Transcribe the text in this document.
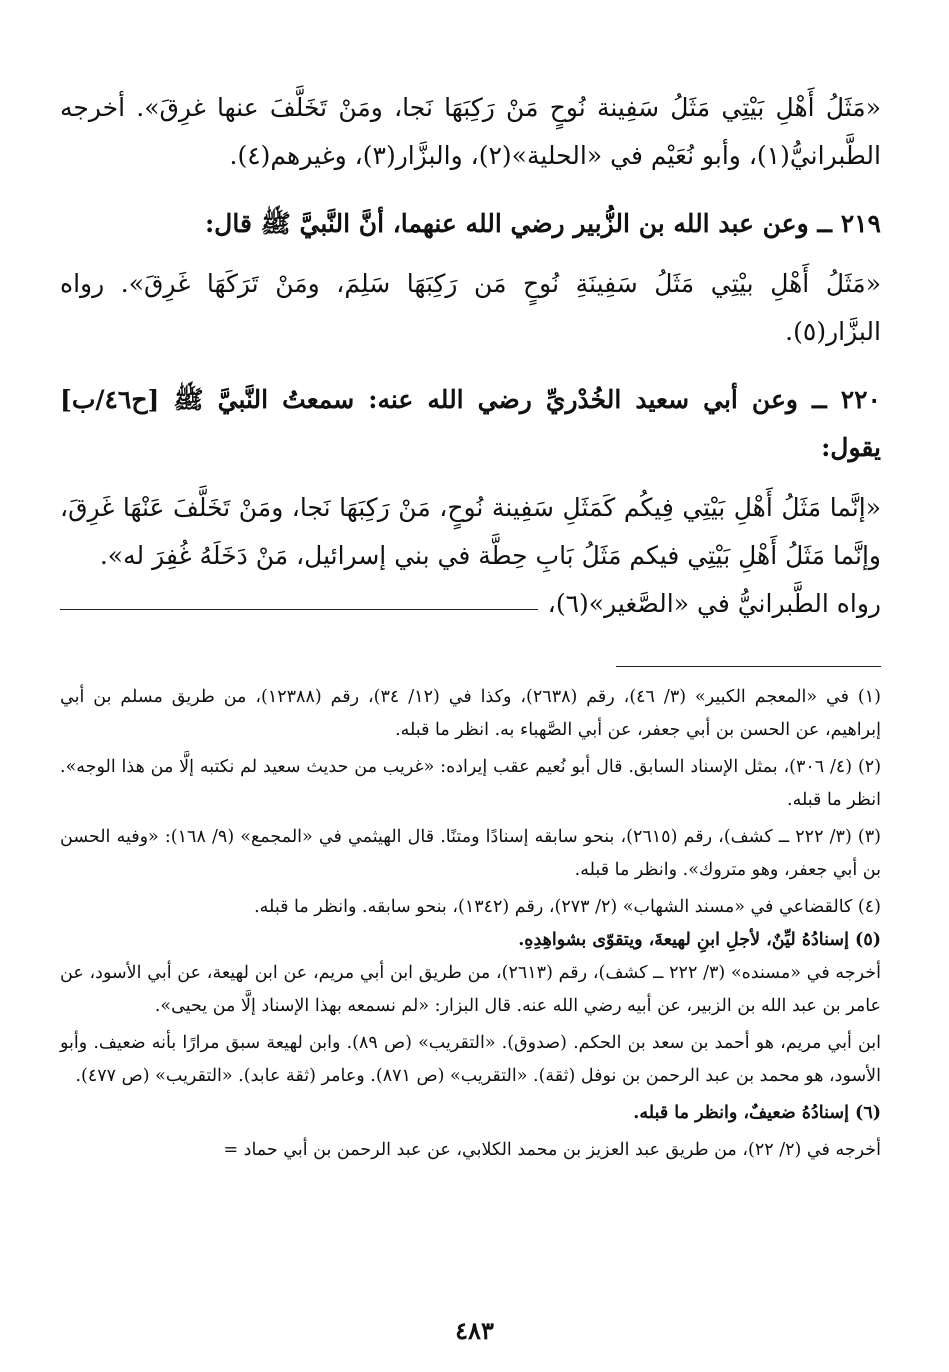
«مَثَلُ أَهْلِ بَيْتِي مَثَلُ سَفِينة نُوحٍ مَنْ رَكِبَهَا نَجا، ومَنْ تَخَلَّفَ عنها غرِقَ». أخرجه الطَّبرانيُّ(١)، وأبو نُعَيْم في «الحلية»(٢)، والبزَّار(٣)، وغيرهم(٤).

٢١٩ ــ وعن عبد الله بن الزُّبير رضي الله عنهما، أنَّ النَّبيَّ ﷺ قال:

«مَثَلُ أَهْلِ بيْتِي مَثَلُ سَفِينَةِ نُوحٍ مَن رَكِبَهَا سَلِمَ، ومَنْ تَرَكَهَا غَرِقَ». رواه البزَّار(٥).

٢٢٠ ــ وعن أبي سعيد الخُدْريِّ رضي الله عنه: سمعتُ النَّبيَّ ﷺ [ح٤٦/ب] يقول:

«إنَّما مَثَلُ أَهْلِ بَيْتِي فِيكُم كَمَثَلِ سَفِينة نُوحٍ، مَنْ رَكِبَهَا نَجا، ومَنْ تَخَلَّفَ عَنْهَا غَرِقَ، وإنَّما مَثَلُ أَهْلِ بَيْتِي فيكم مَثَلُ بَابِ حِطَّة في بني إسرائيل، مَنْ دَخَلَهُ غُفِرَ له».

رواه الطَّبرانيُّ في «الصَّغير»(٦)،

(١) في «المعجم الكبير» (٣/ ٤٦)، رقم (٢٦٣٨)، وكذا في (١٢/ ٣٤)، رقم (١٢٣٨٨)، من طريق مسلم بن أبي إبراهيم، عن الحسن بن أبي جعفر، عن أبي الصَّهباء به. انظر ما قبله.

(٢) (٤/ ٣٠٦)، بمثل الإسناد السابق. قال أبو نُعيم عقب إيراده: «غريب من حديث سعيد لم نكتبه إلَّا من هذا الوجه». انظر ما قبله.

(٣) (٣/ ٢٢٢ ــ كشف)، رقم (٢٦١٥)، بنحو سابقه إسنادًا ومتنًا. قال الهيثمي في «المجمع» (٩/ ١٦٨): «وفيه الحسن بن أبي جعفر، وهو متروك». وانظر ما قبله.

(٤) كالقضاعي في «مسند الشهاب» (٢/ ٢٧٣)، رقم (١٣٤٢)، بنحو سابقه. وانظر ما قبله.

(٥) إسنادُهُ ليِّنٌ، لأجلِ ابنِ لهيعةَ، ويتقوّى بشواهِدِهِ.

أخرجه في «مسنده» (٣/ ٢٢٢ ــ كشف)، رقم (٢٦١٣)، من طريق ابن أبي مريم، عن ابن لهيعة، عن أبي الأسود، عن عامر بن عبد الله بن الزبير، عن أبيه رضي الله عنه. قال البزار: «لم نسمعه بهذا الإسناد إلَّا من يحيى».

ابن أبي مريم، هو أحمد بن سعد بن الحكم. (صدوق). «التقريب» (ص ٨٩). وابن لهيعة سبق مرارًا بأنه ضعيف. وأبو الأسود، هو محمد بن عبد الرحمن بن نوفل (ثقة). «التقريب» (ص ٨٧١). وعامر (ثقة عابد). «التقريب» (ص ٤٧٧).

(٦) إسنادُهُ ضعيفٌ، وانظر ما قبله.

أخرجه في (٢/ ٢٢)، من طريق عبد العزيز بن محمد الكلابي، عن عبد الرحمن بن أبي حماد =

٤٨٣
